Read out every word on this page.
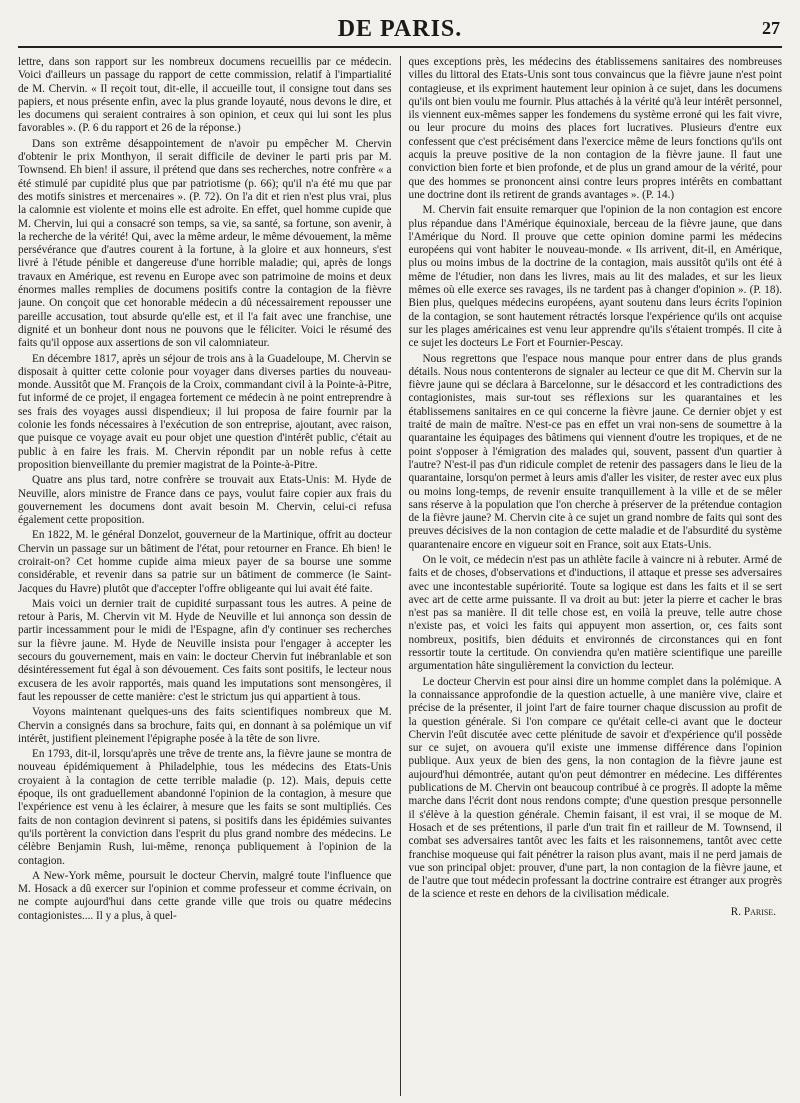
DE PARIS.	27

lettre, dans son rapport sur les nombreux documens recueillis par ce médecin. Voici d'ailleurs un passage du rapport de cette commission, relatif à l'impartialité de M. Chervin. « Il reçoit tout, dit-elle, il accueille tout, il consigne tout dans ses papiers, et nous présente enfin, avec la plus grande loyauté, nous devons le dire, et les documens qui seraient contraires à son opinion, et ceux qui lui sont les plus favorables ». (P. 6 du rapport et 26 de la réponse.)

Dans son extrême désappointement de n'avoir pu empêcher M. Chervin d'obtenir le prix Monthyon, il serait difficile de deviner le parti pris par M. Townsend. Eh bien! il assure, il prétend que dans ses recherches, notre confrère « a été stimulé par cupidité plus que par patriotisme (p. 66); qu'il n'a été mu que par des motifs sinistres et mercenaires ». (P. 72). On l'a dit et rien n'est plus vrai, plus la calomnie est violente et moins elle est adroite. En effet, quel homme cupide que M. Chervin, lui qui a consacré son temps, sa vie, sa santé, sa fortune, son avenir, à la recherche de la vérité! Qui, avec la même ardeur, le même dévouement, la même persévérance que d'autres courent à la fortune, à la gloire et aux honneurs, s'est livré à l'étude pénible et dangereuse d'une horrible maladie; qui, après de longs travaux en Amérique, est revenu en Europe avec son patrimoine de moins et deux énormes malles remplies de documens positifs contre la contagion de la fièvre jaune. On conçoit que cet honorable médecin a dû nécessairement repousser une pareille accusation, tout absurde qu'elle est, et il l'a fait avec une franchise, une dignité et un bonheur dont nous ne pouvons que le féliciter. Voici le résumé des faits qu'il oppose aux assertions de son vil calomniateur.

En décembre 1817, après un séjour de trois ans à la Guadeloupe, M. Chervin se disposait à quitter cette colonie pour voyager dans diverses parties du nouveau-monde. Aussitôt que M. François de la Croix, commandant civil à la Pointe-à-Pitre, fut informé de ce projet, il engagea fortement ce médecin à ne point entreprendre à ses frais des voyages aussi dispendieux; il lui proposa de faire fournir par la colonie les fonds nécessaires à l'exécution de son entreprise, ajoutant, avec raison, que puisque ce voyage avait eu pour objet une question d'intérêt public, c'était au public à en faire les frais. M. Chervin répondit par un noble refus à cette proposition bienveillante du premier magistrat de la Pointe-à-Pitre.

Quatre ans plus tard, notre confrère se trouvait aux Etats-Unis: M. Hyde de Neuville, alors ministre de France dans ce pays, voulut faire copier aux frais du gouvernement les documens dont avait besoin M. Chervin, celui-ci refusa également cette proposition.

En 1822, M. le général Donzelot, gouverneur de la Martinique, offrit au docteur Chervin un passage sur un bâtiment de l'état, pour retourner en France. Eh bien! le croirait-on? Cet homme cupide aima mieux payer de sa bourse une somme considérable, et revenir dans sa patrie sur un bâtiment de commerce (le Saint-Jacques du Havre) plutôt que d'accepter l'offre obligeante qui lui avait été faite.

Mais voici un dernier trait de cupidité surpassant tous les autres. A peine de retour à Paris, M. Chervin vit M. Hyde de Neuville et lui annonça son dessin de partir incessamment pour le midi de l'Espagne, afin d'y continuer ses recherches sur la fièvre jaune. M. Hyde de Neuville insista pour l'engager à accepter les secours du gouvernement, mais en vain: le docteur Chervin fut inébranlable et son désintéressement fut égal à son dévouement. Ces faits sont positifs, le lecteur nous excusera de les avoir rapportés, mais quand les imputations sont mensongères, il faut les repousser de cette manière: c'est le strictum jus qui appartient à tous.

Voyons maintenant quelques-uns des faits scientifiques nombreux que M. Chervin a consignés dans sa brochure, faits qui, en donnant à sa polémique un vif intérêt, justifient pleinement l'épigraphe posée à la tête de son livre.

En 1793, dit-il, lorsqu'après une trêve de trente ans, la fièvre jaune se montra de nouveau épidémiquement à Philadelphie, tous les médecins des Etats-Unis croyaient à la contagion de cette terrible maladie (p. 12). Mais, depuis cette époque, ils ont graduellement abandonné l'opinion de la contagion, à mesure que l'expérience est venu à les éclairer, à mesure que les faits se sont multipliés. Ces faits de non contagion devinrent si patens, si positifs dans les épidémies suivantes qu'ils portèrent la conviction dans l'esprit du plus grand nombre des médecins. Le célèbre Benjamin Rush, lui-même, renonça publiquement à l'opinion de la contagion.

A New-York même, poursuit le docteur Chervin, malgré toute l'influence que M. Hosack a dû exercer sur l'opinion et comme professeur et comme écrivain, on ne compte aujourd'hui dans cette grande ville que trois ou quatre médecins contagionistes.... Il y a plus, à quel-

ques exceptions près, les médecins des établissemens sanitaires des nombreuses villes du littoral des Etats-Unis sont tous convaincus que la fièvre jaune n'est point contagieuse, et ils expriment hautement leur opinion à ce sujet, dans les documens qu'ils ont bien voulu me fournir. Plus attachés à la vérité qu'à leur intérêt personnel, ils viennent eux-mêmes sapper les fondemens du système erroné qui les fait vivre, ou leur procure du moins des places fort lucratives. Plusieurs d'entre eux confessent que c'est précisément dans l'exercice même de leurs fonctions qu'ils ont acquis la preuve positive de la non contagion de la fièvre jaune. Il faut une conviction bien forte et bien profonde, et de plus un grand amour de la vérité, pour que des hommes se prononcent ainsi contre leurs propres intérêts en combattant une doctrine dont ils retirent de grands avantages ». (P. 14.)

M. Chervin fait ensuite remarquer que l'opinion de la non contagion est encore plus répandue dans l'Amérique équinoxiale, berceau de la fièvre jaune, que dans l'Amérique du Nord. Il prouve que cette opinion domine parmi les médecins européens qui vont habiter le nouveau-monde. « Ils arrivent, dit-il, en Amérique, plus ou moins imbus de la doctrine de la contagion, mais aussitôt qu'ils ont été à même de l'étudier, non dans les livres, mais au lit des malades, et sur les lieux mêmes où elle exerce ses ravages, ils ne tardent pas à changer d'opinion ». (P. 18). Bien plus, quelques médecins européens, ayant soutenu dans leurs écrits l'opinion de la contagion, se sont hautement rétractés lorsque l'expérience qu'ils ont acquise sur les plages américaines est venu leur apprendre qu'ils s'étaient trompés. Il cite à ce sujet les docteurs Le Fort et Fournier-Pescay.

Nous regrettons que l'espace nous manque pour entrer dans de plus grands détails. Nous nous contenterons de signaler au lecteur ce que dit M. Chervin sur la fièvre jaune qui se déclara à Barcelonne, sur le désaccord et les contradictions des contagionistes, mais sur-tout ses réflexions sur les quarantaines et les établissemens sanitaires en ce qui concerne la fièvre jaune. Ce dernier objet y est traité de main de maître. N'est-ce pas en effet un vrai non-sens de soumettre à la quarantaine les équipages des bâtimens qui viennent d'outre les tropiques, et de ne point s'opposer à l'émigration des malades qui, souvent, passent d'un quartier à l'autre? N'est-il pas d'un ridicule complet de retenir des passagers dans le lieu de la quarantaine, lorsqu'on permet à leurs amis d'aller les visiter, de rester avec eux plus ou moins long-temps, de revenir ensuite tranquillement à la ville et de se mêler sans réserve à la population que l'on cherche à préserver de la prétendue contagion de la fièvre jaune? M. Chervin cite à ce sujet un grand nombre de faits qui sont des preuves décisives de la non contagion de cette maladie et de l'absurdité du système quarantenaire encore en vigueur soit en France, soit aux Etats-Unis.

On le voit, ce médecin n'est pas un athlète facile à vaincre ni à rebuter. Armé de faits et de choses, d'observations et d'inductions, il attaque et presse ses adversaires avec une incontestable supériorité. Toute sa logique est dans les faits et il se sert avec art de cette arme puissante. Il va droit au but: jeter la pierre et cacher le bras n'est pas sa manière. Il dit telle chose est, en voilà la preuve, telle autre chose n'existe pas, et voici les faits qui appuyent mon assertion, or, ces faits sont nombreux, positifs, bien déduits et environnés de circonstances qui en font ressortir toute la certitude. On conviendra qu'en matière scientifique une pareille argumentation hâte singulièrement la conviction du lecteur.

Le docteur Chervin est pour ainsi dire un homme complet dans la polémique. A la connaissance approfondie de la question actuelle, à une manière vive, claire et précise de la présenter, il joint l'art de faire tourner chaque discussion au profit de la question générale. Si l'on compare ce qu'était celle-ci avant que le docteur Chervin l'eût discutée avec cette plénitude de savoir et d'expérience qu'il possède sur ce sujet, on avouera qu'il existe une immense différence dans l'opinion publique. Aux yeux de bien des gens, la non contagion de la fièvre jaune est aujourd'hui démontrée, autant qu'on peut démontrer en médecine. Les différentes publications de M. Chervin ont beaucoup contribué à ce progrès. Il adopte la même marche dans l'écrit dont nous rendons compte; d'une question presque personnelle il s'élève à la question générale. Chemin faisant, il est vrai, il se moque de M. Hosach et de ses prétentions, il parle d'un trait fin et railleur de M. Townsend, il combat ses adversaires tantôt avec les faits et les raisonnemens, tantôt avec cette franchise moqueuse qui fait pénétrer la raison plus avant, mais il ne perd jamais de vue son principal objet: prouver, d'une part, la non contagion de la fièvre jaune, et de l'autre que tout médecin professant la doctrine contraire est étranger aux progrès de la science et reste en dehors de la civilisation médicale.

R. Parise.
